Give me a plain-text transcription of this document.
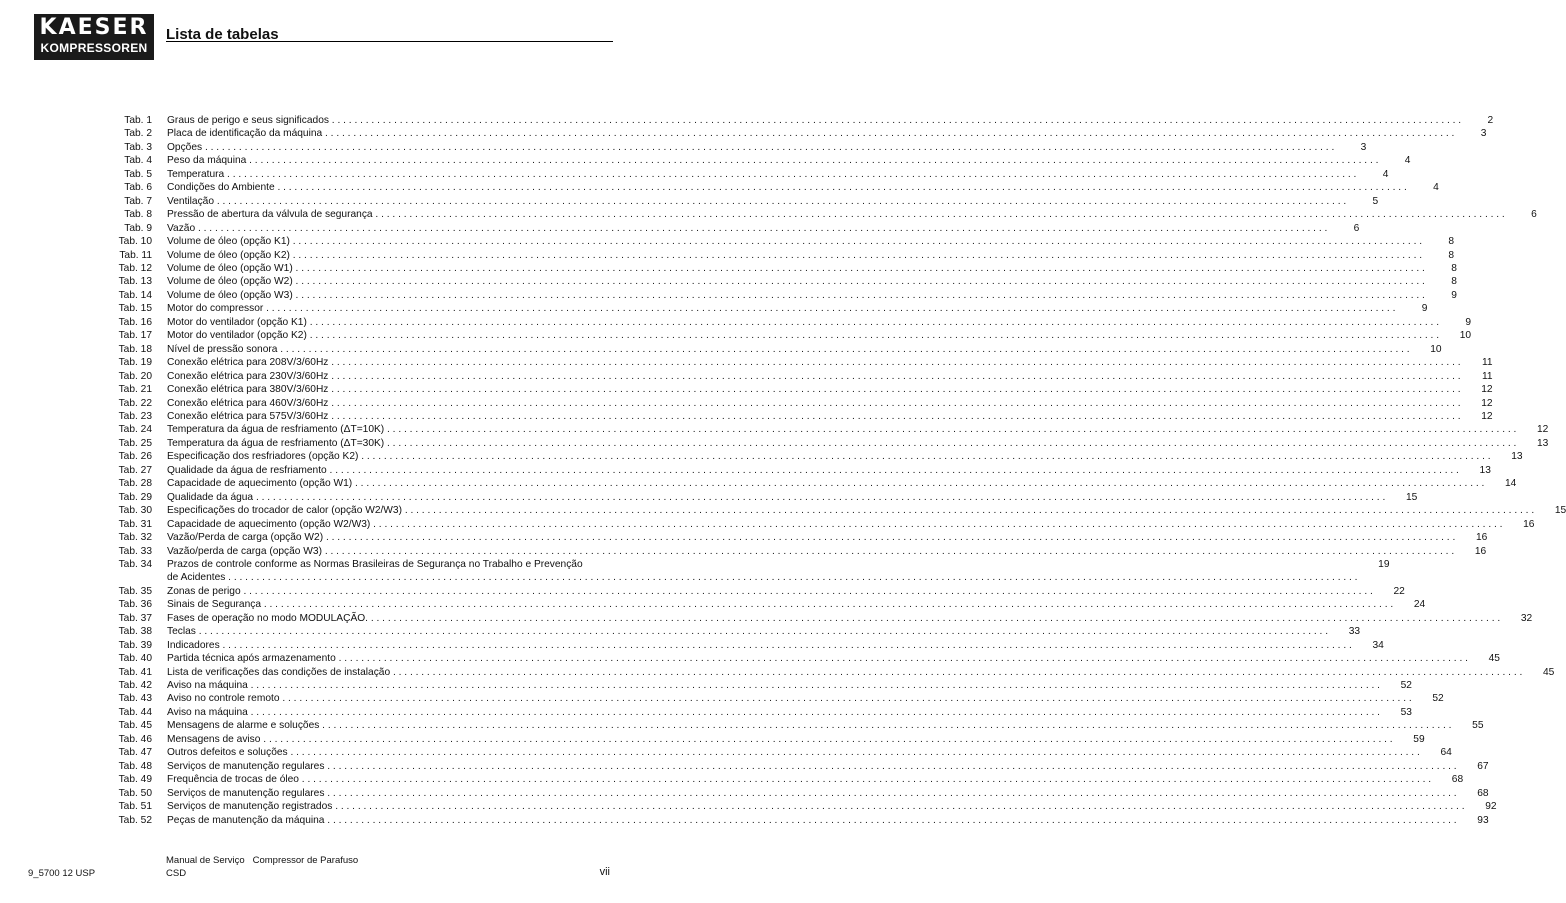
KAESER
KOMPRESSOREN
Lista de tabelas
Tab. 1 Graus de perigo e seus significados . . . . . . . . . . . . . . . . . . . . . . . . . . . . . . . . . . . . . . . . . . . . . . . . . . . . . . . . . . . . . . . . . . . . . . . . . . . . . . . . . . . . . . . . . . . . . . . . . . . . . . . . . . . . . . . . . . . . . . . . . . . . . . . . . . . . . . . . . . . . . . . . . . . . . . . . . . . . . . . . . . . . . . . . . . . . . . . . . . . . . . . . . . . . . . . . . . . . . . . .	2
Tab. 2 Placa de identificação da máquina . . . . . . . . . . . . . . . . . . . . . . . . . . . . . . . . . . . . . . . . . . . . . . . . . . . . . . . . . . . . . . . . . . . . . . . . . . . . . . . . . . . . . . . . . . . . . . . . . . . . . . . . . . . . . . . . . . . . . . . . . . . . . . . . . . . . . . . . . . . . . . . . . . . . . . . . . . . . . . . . . . . . . . . . . . . . . . . . . . . . . . . . . . . . . . . . . . . . . . . .	3
Tab. 3 Opções . . . . . . . . . . . . . . . . . . . . . . . . . . . . . . . . . . . . . . . . . . . . . . . . . . . . . . . . . . . . . . . . . . . . . . . . . . . . . . . . . . . . . . . . . . . . . . . . . . . . . . . . . . . . . . . . . . . . . . . . . . . . . . . . . . . . . . . . . . . . . . . . . . . . . . . . . . . . . . . . . . . . . . . . . . . . . . . . . . . . . . . . . . . . . . . . . . . . . . . .	3
Tab. 4 Peso da máquina . . . . . . . . . . . . . . . . . . . . . . . . . . . . . . . . . . . . . . . . . . . . . . . . . . . . . . . . . . . . . . . . . . . . . . . . . . . . . . . . . . . . . . . . . . . . . . . . . . . . . . . . . . . . . . . . . . . . . . . . . . . . . . . . . . . . . . . . . . . . . . . . . . . . . . . . . . . . . . . . . . . . . . . . . . . . . . . . . . . . . . . . . . . . . . . . . . . . . . . .	4
Tab. 5 Temperatura . . . . . . . . . . . . . . . . . . . . . . . . . . . . . . . . . . . . . . . . . . . . . . . . . . . . . . . . . . . . . . . . . . . . . . . . . . . . . . . . . . . . . . . . . . . . . . . . . . . . . . . . . . . . . . . . . . . . . . . . . . . . . . . . . . . . . . . . . . . . . . . . . . . . . . . . . . . . . . . . . . . . . . . . . . . . . . . . . . . . . . . . . . . . . . . . . . . . . . . .	4
Tab. 6 Condições do Ambiente . . . . . . . . . . . . . . . . . . . . . . . . . . . . . . . . . . . . . . . . . . . . . . . . . . . . . . . . . . . . . . . . . . . . . . . . . . . . . . . . . . . . . . . . . . . . . . . . . . . . . . . . . . . . . . . . . . . . . . . . . . . . . . . . . . . . . . . . . . . . . . . . . . . . . . . . . . . . . . . . . . . . . . . . . . . . . . . . . . . . . . . . . . . . . . . . . . . . . . . .	4
Tab. 7 Ventilação . . . . . . . . . . . . . . . . . . . . . . . . . . . . . . . . . . . . . . . . . . . . . . . . . . . . . . . . . . . . . . . . . . . . . . . . . . . . . . . . . . . . . . . . . . . . . . . . . . . . . . . . . . . . . . . . . . . . . . . . . . . . . . . . . . . . . . . . . . . . . . . . . . . . . . . . . . . . . . . . . . . . . . . . . . . . . . . . . . . . . . . . . . . . . . . . . . . . . . . .	5
Tab. 8 Pressão de abertura da válvula de segurança . . . . . . . . . . . . . . . . . . . . . . . . . . . . . . . . . . . . . . . . . . . . . . . . . . . . . . . . . . . . . . . . . . . . . . . . . . . . . . . . . . . . . . . . . . . . . . . . . . . . . . . . . . . . . . . . . . . . . . . . . . . . . . . . . . . . . . . . . . . . . . . . . . . . . . . . . . . . . . . . . . . . . . . . . . . . . . . . . . . . . . . . . . . . . . . . . . . . . . . .	6
Tab. 9 Vazão . . . . . . . . . . . . . . . . . . . . . . . . . . . . . . . . . . . . . . . . . . . . . . . . . . . . . . . . . . . . . . . . . . . . . . . . . . . . . . . . . . . . . . . . . . . . . . . . . . . . . . . . . . . . . . . . . . . . . . . . . . . . . . . . . . . . . . . . . . . . . . . . . . . . . . . . . . . . . . . . . . . . . . . . . . . . . . . . . . . . . . . . . . . . . . . . . . . . . . . .	6
Tab. 10 Volume de óleo (opção K1) . . . . . . . . . . . . . . . . . . . . . . . . . . . . . . . . . . . . . . . . . . . . . . . . . . . . . . . . . . . . . . . . . . . . . . . . . . . . . . . . . . . . . . . . . . . . . . . . . . . . . . . . . . . . . . . . . . . . . . . . . . . . . . . . . . . . . . . . . . . . . . . . . . . . . . . . . . . . . . . . . . . . . . . . . . . . . . . . . . . . . . . . . . . . . . . . . . . . . . . .	8
Tab. 11 Volume de óleo (opção K2) . . . . . . . . . . . . . . . . . . . . . . . . . . . . . . . . . . . . . . . . . . . . . . . . . . . . . . . . . . . . . . . . . . . . . . . . . . . . . . . . . . . . . . . . . . . . . . . . . . . . . . . . . . . . . . . . . . . . . . . . . . . . . . . . . . . . . . . . . . . . . . . . . . . . . . . . . . . . . . . . . . . . . . . . . . . . . . . . . . . . . . . . . . . . . . . . . . . . . . . .	8
Tab. 12 Volume de óleo (opção W1) . . . . . . . . . . . . . . . . . . . . . . . . . . . . . . . . . . . . . . . . . . . . . . . . . . . . . . . . . . . . . . . . . . . . . . . . . . . . . . . . . . . . . . . . . . . . . . . . . . . . . . . . . . . . . . . . . . . . . . . . . . . . . . . . . . . . . . . . . . . . . . . . . . . . . . . . . . . . . . . . . . . . . . . . . . . . . . . . . . . . . . . . . . . . . . . . . . . . . . . .	8
Tab. 13 Volume de óleo (opção W2) . . . . . . . . . . . . . . . . . . . . . . . . . . . . . . . . . . . . . . . . . . . . . . . . . . . . . . . . . . . . . . . . . . . . . . . . . . . . . . . . . . . . . . . . . . . . . . . . . . . . . . . . . . . . . . . . . . . . . . . . . . . . . . . . . . . . . . . . . . . . . . . . . . . . . . . . . . . . . . . . . . . . . . . . . . . . . . . . . . . . . . . . . . . . . . . . . . . . . . . .	8
Tab. 14 Volume de óleo (opção W3) . . . . . . . . . . . . . . . . . . . . . . . . . . . . . . . . . . . . . . . . . . . . . . . . . . . . . . . . . . . . . . . . . . . . . . . . . . . . . . . . . . . . . . . . . . . . . . . . . . . . . . . . . . . . . . . . . . . . . . . . . . . . . . . . . . . . . . . . . . . . . . . . . . . . . . . . . . . . . . . . . . . . . . . . . . . . . . . . . . . . . . . . . . . . . . . . . . . . . . . .	9
Tab. 15 Motor do compressor . . . . . . . . . . . . . . . . . . . . . . . . . . . . . . . . . . . . . . . . . . . . . . . . . . . . . . . . . . . . . . . . . . . . . . . . . . . . . . . . . . . . . . . . . . . . . . . . . . . . . . . . . . . . . . . . . . . . . . . . . . . . . . . . . . . . . . . . . . . . . . . . . . . . . . . . . . . . . . . . . . . . . . . . . . . . . . . . . . . . . . . . . . . . . . . . . . . . . . . .	9
Tab. 16 Motor do ventilador (opção K1) . . . . . . . . . . . . . . . . . . . . . . . . . . . . . . . . . . . . . . . . . . . . . . . . . . . . . . . . . . . . . . . . . . . . . . . . . . . . . . . . . . . . . . . . . . . . . . . . . . . . . . . . . . . . . . . . . . . . . . . . . . . . . . . . . . . . . . . . . . . . . . . . . . . . . . . . . . . . . . . . . . . . . . . . . . . . . . . . . . . . . . . . . . . . . . . . . . . . . . . .	9
Tab. 17 Motor do ventilador (opção K2) . . . . . . . . . . . . . . . . . . . . . . . . . . . . . . . . . . . . . . . . . . . . . . . . . . . . . . . . . . . . . . . . . . . . . . . . . . . . . . . . . . . . . . . . . . . . . . . . . . . . . . . . . . . . . . . . . . . . . . . . . . . . . . . . . . . . . . . . . . . . . . . . . . . . . . . . . . . . . . . . . . . . . . . . . . . . . . . . . . . . . . . . . . . . . . . . . . . . . . . .	10
Tab. 18 Nível de pressão sonora . . . . . . . . . . . . . . . . . . . . . . . . . . . . . . . . . . . . . . . . . . . . . . . . . . . . . . . . . . . . . . . . . . . . . . . . . . . . . . . . . . . . . . . . . . . . . . . . . . . . . . . . . . . . . . . . . . . . . . . . . . . . . . . . . . . . . . . . . . . . . . . . . . . . . . . . . . . . . . . . . . . . . . . . . . . . . . . . . . . . . . . . . . . . . . . . . . . . . . . .	10
Tab. 19 Conexão elétrica para 208V/3/60Hz . . . . . . . . . . . . . . . . . . . . . . . . . . . . . . . . . . . . . . . . . . . . . . . . . . . . . . . . . . . . . . . . . . . . . . . . . . . . . . . . . . . . . . . . . . . . . . . . . . . . . . . . . . . . . . . . . . . . . . . . . . . . . . . . . . . . . . . . . . . . . . . . . . . . . . . . . . . . . . . . . . . . . . . . . . . . . . . . . . . . . . . . . . . . . . . . . . . . . . . .	11
Tab. 20 Conexão elétrica para 230V/3/60Hz . . . . . . . . . . . . . . . . . . . . . . . . . . . . . . . . . . . . . . . . . . . . . . . . . . . . . . . . . . . . . . . . . . . . . . . . . . . . . . . . . . . . . . . . . . . . . . . . . . . . . . . . . . . . . . . . . . . . . . . . . . . . . . . . . . . . . . . . . . . . . . . . . . . . . . . . . . . . . . . . . . . . . . . . . . . . . . . . . . . . . . . . . . . . . . . . . . . . . . . .	11
Tab. 21 Conexão elétrica para 380V/3/60Hz . . . . . . . . . . . . . . . . . . . . . . . . . . . . . . . . . . . . . . . . . . . . . . . . . . . . . . . . . . . . . . . . . . . . . . . . . . . . . . . . . . . . . . . . . . . . . . . . . . . . . . . . . . . . . . . . . . . . . . . . . . . . . . . . . . . . . . . . . . . . . . . . . . . . . . . . . . . . . . . . . . . . . . . . . . . . . . . . . . . . . . . . . . . . . . . . . . . . . . . .	12
Tab. 22 Conexão elétrica para 460V/3/60Hz . . . . . . . . . . . . . . . . . . . . . . . . . . . . . . . . . . . . . . . . . . . . . . . . . . . . . . . . . . . . . . . . . . . . . . . . . . . . . . . . . . . . . . . . . . . . . . . . . . . . . . . . . . . . . . . . . . . . . . . . . . . . . . . . . . . . . . . . . . . . . . . . . . . . . . . . . . . . . . . . . . . . . . . . . . . . . . . . . . . . . . . . . . . . . . . . . . . . . . . .	12
Tab. 23 Conexão elétrica para 575V/3/60Hz . . . . . . . . . . . . . . . . . . . . . . . . . . . . . . . . . . . . . . . . . . . . . . . . . . . . . . . . . . . . . . . . . . . . . . . . . . . . . . . . . . . . . . . . . . . . . . . . . . . . . . . . . . . . . . . . . . . . . . . . . . . . . . . . . . . . . . . . . . . . . . . . . . . . . . . . . . . . . . . . . . . . . . . . . . . . . . . . . . . . . . . . . . . . . . . . . . . . . . . .	12
Tab. 24 Temperatura da água de resfriamento (ΔT=10K) . . . . . . . . . . . . . . . . . . . . . . . . . . . . . . . . . . . . . . . . . . . . . . . . . . . . . . . . . . . . . . . . . . . . . . . . . . . . . . . . . . . . . . . . . . . . . . . . . . . . . . . . . . . . . . . . . . . . . . . . . . . . . . . . . . . . . . . . . . . . . . . . . . . . . . . . . . . . . . . . . . . . . . . . . . . . . . . . . . . . . . . . . . . . . . . . . . . . . . . .	12
Tab. 25 Temperatura da água de resfriamento (ΔT=30K) . . . . . . . . . . . . . . . . . . . . . . . . . . . . . . . . . . . . . . . . . . . . . . . . . . . . . . . . . . . . . . . . . . . . . . . . . . . . . . . . . . . . . . . . . . . . . . . . . . . . . . . . . . . . . . . . . . . . . . . . . . . . . . . . . . . . . . . . . . . . . . . . . . . . . . . . . . . . . . . . . . . . . . . . . . . . . . . . . . . . . . . . . . . . . . . . . . . . . . . .	13
Tab. 26 Especificação dos resfriadores (opção K2) . . . . . . . . . . . . . . . . . . . . . . . . . . . . . . . . . . . . . . . . . . . . . . . . . . . . . . . . . . . . . . . . . . . . . . . . . . . . . . . . . . . . . . . . . . . . . . . . . . . . . . . . . . . . . . . . . . . . . . . . . . . . . . . . . . . . . . . . . . . . . . . . . . . . . . . . . . . . . . . . . . . . . . . . . . . . . . . . . . . . . . . . . . . . . . . . . . . . . . . .	13
Tab. 27 Qualidade da água de resfriamento . . . . . . . . . . . . . . . . . . . . . . . . . . . . . . . . . . . . . . . . . . . . . . . . . . . . . . . . . . . . . . . . . . . . . . . . . . . . . . . . . . . . . . . . . . . . . . . . . . . . . . . . . . . . . . . . . . . . . . . . . . . . . . . . . . . . . . . . . . . . . . . . . . . . . . . . . . . . . . . . . . . . . . . . . . . . . . . . . . . . . . . . . . . . . . . . . . . . . . . .	13
Tab. 28 Capacidade de aquecimento (opção W1) . . . . . . . . . . . . . . . . . . . . . . . . . . . . . . . . . . . . . . . . . . . . . . . . . . . . . . . . . . . . . . . . . . . . . . . . . . . . . . . . . . . . . . . . . . . . . . . . . . . . . . . . . . . . . . . . . . . . . . . . . . . . . . . . . . . . . . . . . . . . . . . . . . . . . . . . . . . . . . . . . . . . . . . . . . . . . . . . . . . . . . . . . . . . . . . . . . . . . . . .	14
Tab. 29 Qualidade da água . . . . . . . . . . . . . . . . . . . . . . . . . . . . . . . . . . . . . . . . . . . . . . . . . . . . . . . . . . . . . . . . . . . . . . . . . . . . . . . . . . . . . . . . . . . . . . . . . . . . . . . . . . . . . . . . . . . . . . . . . . . . . . . . . . . . . . . . . . . . . . . . . . . . . . . . . . . . . . . . . . . . . . . . . . . . . . . . . . . . . . . . . . . . . . . . . . . . . . . .	15
Tab. 30 Especificações do trocador de calor (opção W2/W3) . . . . . . . . . . . . . . . . . . . . . . . . . . . . . . . . . . . . . . . . . . . . . . . . . . . . . . . . . . . . . . . . . . . . . . . . . . . . . . . . . . . . . . . . . . . . . . . . . . . . . . . . . . . . . . . . . . . . . . . . . . . . . . . . . . . . . . . . . . . . . . . . . . . . . . . . . . . . . . . . . . . . . . . . . . . . . . . . . . . . . . . . . . . . . . . . . . . . . . . .	15
Tab. 31 Capacidade de aquecimento (opção W2/W3) . . . . . . . . . . . . . . . . . . . . . . . . . . . . . . . . . . . . . . . . . . . . . . . . . . . . . . . . . . . . . . . . . . . . . . . . . . . . . . . . . . . . . . . . . . . . . . . . . . . . . . . . . . . . . . . . . . . . . . . . . . . . . . . . . . . . . . . . . . . . . . . . . . . . . . . . . . . . . . . . . . . . . . . . . . . . . . . . . . . . . . . . . . . . . . . . . . . . . . . .	16
Tab. 32 Vazão/Perda de carga (opção W2) . . . . . . . . . . . . . . . . . . . . . . . . . . . . . . . . . . . . . . . . . . . . . . . . . . . . . . . . . . . . . . . . . . . . . . . . . . . . . . . . . . . . . . . . . . . . . . . . . . . . . . . . . . . . . . . . . . . . . . . . . . . . . . . . . . . . . . . . . . . . . . . . . . . . . . . . . . . . . . . . . . . . . . . . . . . . . . . . . . . . . . . . . . . . . . . . . . . . . . . .	16
Tab. 33 Vazão/perda de carga (opção W3) . . . . . . . . . . . . . . . . . . . . . . . . . . . . . . . . . . . . . . . . . . . . . . . . . . . . . . . . . . . . . . . . . . . . . . . . . . . . . . . . . . . . . . . . . . . . . . . . . . . . . . . . . . . . . . . . . . . . . . . . . . . . . . . . . . . . . . . . . . . . . . . . . . . . . . . . . . . . . . . . . . . . . . . . . . . . . . . . . . . . . . . . . . . . . . . . . . . . . . . .	16
Tab. 34 Prazos de controle conforme as Normas Brasileiras de Segurança no Trabalho e Prevenção
de Acidentes . . . . . . . . . . . . . . . . . . . . . . . . . . . . . . . . . . . . . . . . . . . . . . . . . . . . . . . . . . . . . . . . . . . . . . . . . . . . . . . . . . . . . . . . . . . . . . . . . . . . . . . . . . . . . . . . . . . . . . . . . . . . . . . . . . . . . . . . . . . . . . . . . . . . . . . . . . . . . . . . . . . . . . . . . . . . . . . . . . . . . . . . . . . . . . . . . . . . . . . .
19
Tab. 35 Zonas de perigo . . . . . . . . . . . . . . . . . . . . . . . . . . . . . . . . . . . . . . . . . . . . . . . . . . . . . . . . . . . . . . . . . . . . . . . . . . . . . . . . . . . . . . . . . . . . . . . . . . . . . . . . . . . . . . . . . . . . . . . . . . . . . . . . . . . . . . . . . . . . . . . . . . . . . . . . . . . . . . . . . . . . . . . . . . . . . . . . . . . . . . . . . . . . . . . . . . . . . . . .	22
Tab. 36 Sinais de Segurança . . . . . . . . . . . . . . . . . . . . . . . . . . . . . . . . . . . . . . . . . . . . . . . . . . . . . . . . . . . . . . . . . . . . . . . . . . . . . . . . . . . . . . . . . . . . . . . . . . . . . . . . . . . . . . . . . . . . . . . . . . . . . . . . . . . . . . . . . . . . . . . . . . . . . . . . . . . . . . . . . . . . . . . . . . . . . . . . . . . . . . . . . . . . . . . . . . . . . . . .	24
Tab. 37 Fases de operação no modo MODULAÇÃO. . . . . . . . . . . . . . . . . . . . . . . . . . . . . . . . . . . . . . . . . . . . . . . . . . . . . . . . . . . . . . . . . . . . . . . . . . . . . . . . . . . . . . . . . . . . . . . . . . . . . . . . . . . . . . . . . . . . . . . . . . . . . . . . . . . . . . . . . . . . . . . . . . . . . . . . . . . . . . . . . . . . . . . . . . . . . . . . . . . . . . . . . . . . . . . . . . . . . . . . .	32
Tab. 38 Teclas . . . . . . . . . . . . . . . . . . . . . . . . . . . . . . . . . . . . . . . . . . . . . . . . . . . . . . . . . . . . . . . . . . . . . . . . . . . . . . . . . . . . . . . . . . . . . . . . . . . . . . . . . . . . . . . . . . . . . . . . . . . . . . . . . . . . . . . . . . . . . . . . . . . . . . . . . . . . . . . . . . . . . . . . . . . . . . . . . . . . . . . . . . . . . . . . . . . . . . . .	33
Tab. 39 Indicadores . . . . . . . . . . . . . . . . . . . . . . . . . . . . . . . . . . . . . . . . . . . . . . . . . . . . . . . . . . . . . . . . . . . . . . . . . . . . . . . . . . . . . . . . . . . . . . . . . . . . . . . . . . . . . . . . . . . . . . . . . . . . . . . . . . . . . . . . . . . . . . . . . . . . . . . . . . . . . . . . . . . . . . . . . . . . . . . . . . . . . . . . . . . . . . . . . . . . . . . .	34
Tab. 40 Partida técnica após armazenamento . . . . . . . . . . . . . . . . . . . . . . . . . . . . . . . . . . . . . . . . . . . . . . . . . . . . . . . . . . . . . . . . . . . . . . . . . . . . . . . . . . . . . . . . . . . . . . . . . . . . . . . . . . . . . . . . . . . . . . . . . . . . . . . . . . . . . . . . . . . . . . . . . . . . . . . . . . . . . . . . . . . . . . . . . . . . . . . . . . . . . . . . . . . . . . . . . . . . . . . .	45
Tab. 41 Lista de verificações das condições de instalação . . . . . . . . . . . . . . . . . . . . . . . . . . . . . . . . . . . . . . . . . . . . . . . . . . . . . . . . . . . . . . . . . . . . . . . . . . . . . . . . . . . . . . . . . . . . . . . . . . . . . . . . . . . . . . . . . . . . . . . . . . . . . . . . . . . . . . . . . . . . . . . . . . . . . . . . . . . . . . . . . . . . . . . . . . . . . . . . . . . . . . . . . . . . . . . . . . . . . . . .	45
Tab. 42 Aviso na máquina . . . . . . . . . . . . . . . . . . . . . . . . . . . . . . . . . . . . . . . . . . . . . . . . . . . . . . . . . . . . . . . . . . . . . . . . . . . . . . . . . . . . . . . . . . . . . . . . . . . . . . . . . . . . . . . . . . . . . . . . . . . . . . . . . . . . . . . . . . . . . . . . . . . . . . . . . . . . . . . . . . . . . . . . . . . . . . . . . . . . . . . . . . . . . . . . . . . . . . . .	52
Tab. 43 Aviso no controle remoto . . . . . . . . . . . . . . . . . . . . . . . . . . . . . . . . . . . . . . . . . . . . . . . . . . . . . . . . . . . . . . . . . . . . . . . . . . . . . . . . . . . . . . . . . . . . . . . . . . . . . . . . . . . . . . . . . . . . . . . . . . . . . . . . . . . . . . . . . . . . . . . . . . . . . . . . . . . . . . . . . . . . . . . . . . . . . . . . . . . . . . . . . . . . . . . . . . . . . . . .	52
Tab. 44 Aviso na máquina . . . . . . . . . . . . . . . . . . . . . . . . . . . . . . . . . . . . . . . . . . . . . . . . . . . . . . . . . . . . . . . . . . . . . . . . . . . . . . . . . . . . . . . . . . . . . . . . . . . . . . . . . . . . . . . . . . . . . . . . . . . . . . . . . . . . . . . . . . . . . . . . . . . . . . . . . . . . . . . . . . . . . . . . . . . . . . . . . . . . . . . . . . . . . . . . . . . . . . . .	53
Tab. 45 Mensagens de alarme e soluções . . . . . . . . . . . . . . . . . . . . . . . . . . . . . . . . . . . . . . . . . . . . . . . . . . . . . . . . . . . . . . . . . . . . . . . . . . . . . . . . . . . . . . . . . . . . . . . . . . . . . . . . . . . . . . . . . . . . . . . . . . . . . . . . . . . . . . . . . . . . . . . . . . . . . . . . . . . . . . . . . . . . . . . . . . . . . . . . . . . . . . . . . . . . . . . . . . . . . . . .	55
Tab. 46 Mensagens de aviso . . . . . . . . . . . . . . . . . . . . . . . . . . . . . . . . . . . . . . . . . . . . . . . . . . . . . . . . . . . . . . . . . . . . . . . . . . . . . . . . . . . . . . . . . . . . . . . . . . . . . . . . . . . . . . . . . . . . . . . . . . . . . . . . . . . . . . . . . . . . . . . . . . . . . . . . . . . . . . . . . . . . . . . . . . . . . . . . . . . . . . . . . . . . . . . . . . . . . . . .	59
Tab. 47 Outros defeitos e soluções . . . . . . . . . . . . . . . . . . . . . . . . . . . . . . . . . . . . . . . . . . . . . . . . . . . . . . . . . . . . . . . . . . . . . . . . . . . . . . . . . . . . . . . . . . . . . . . . . . . . . . . . . . . . . . . . . . . . . . . . . . . . . . . . . . . . . . . . . . . . . . . . . . . . . . . . . . . . . . . . . . . . . . . . . . . . . . . . . . . . . . . . . . . . . . . . . . . . . . . .	64
Tab. 48 Serviços de manutenção regulares . . . . . . . . . . . . . . . . . . . . . . . . . . . . . . . . . . . . . . . . . . . . . . . . . . . . . . . . . . . . . . . . . . . . . . . . . . . . . . . . . . . . . . . . . . . . . . . . . . . . . . . . . . . . . . . . . . . . . . . . . . . . . . . . . . . . . . . . . . . . . . . . . . . . . . . . . . . . . . . . . . . . . . . . . . . . . . . . . . . . . . . . . . . . . . . . . . . . . . . .	67
Tab. 49 Frequência de trocas de óleo . . . . . . . . . . . . . . . . . . . . . . . . . . . . . . . . . . . . . . . . . . . . . . . . . . . . . . . . . . . . . . . . . . . . . . . . . . . . . . . . . . . . . . . . . . . . . . . . . . . . . . . . . . . . . . . . . . . . . . . . . . . . . . . . . . . . . . . . . . . . . . . . . . . . . . . . . . . . . . . . . . . . . . . . . . . . . . . . . . . . . . . . . . . . . . . . . . . . . . . .	68
Tab. 50 Serviços de manutenção regulares . . . . . . . . . . . . . . . . . . . . . . . . . . . . . . . . . . . . . . . . . . . . . . . . . . . . . . . . . . . . . . . . . . . . . . . . . . . . . . . . . . . . . . . . . . . . . . . . . . . . . . . . . . . . . . . . . . . . . . . . . . . . . . . . . . . . . . . . . . . . . . . . . . . . . . . . . . . . . . . . . . . . . . . . . . . . . . . . . . . . . . . . . . . . . . . . . . . . . . . .	68
Tab. 51 Serviços de manutenção registrados . . . . . . . . . . . . . . . . . . . . . . . . . . . . . . . . . . . . . . . . . . . . . . . . . . . . . . . . . . . . . . . . . . . . . . . . . . . . . . . . . . . . . . . . . . . . . . . . . . . . . . . . . . . . . . . . . . . . . . . . . . . . . . . . . . . . . . . . . . . . . . . . . . . . . . . . . . . . . . . . . . . . . . . . . . . . . . . . . . . . . . . . . . . . . . . . . . . . . . . .	92
Tab. 52 Peças de manutenção da máquina . . . . . . . . . . . . . . . . . . . . . . . . . . . . . . . . . . . . . . . . . . . . . . . . . . . . . . . . . . . . . . . . . . . . . . . . . . . . . . . . . . . . . . . . . . . . . . . . . . . . . . . . . . . . . . . . . . . . . . . . . . . . . . . . . . . . . . . . . . . . . . . . . . . . . . . . . . . . . . . . . . . . . . . . . . . . . . . . . . . . . . . . . . . . . . . . . . . . . . . .	93
9_5700 12 USP
Manual de Serviço   Compressor de Parafuso
CSD	vii
